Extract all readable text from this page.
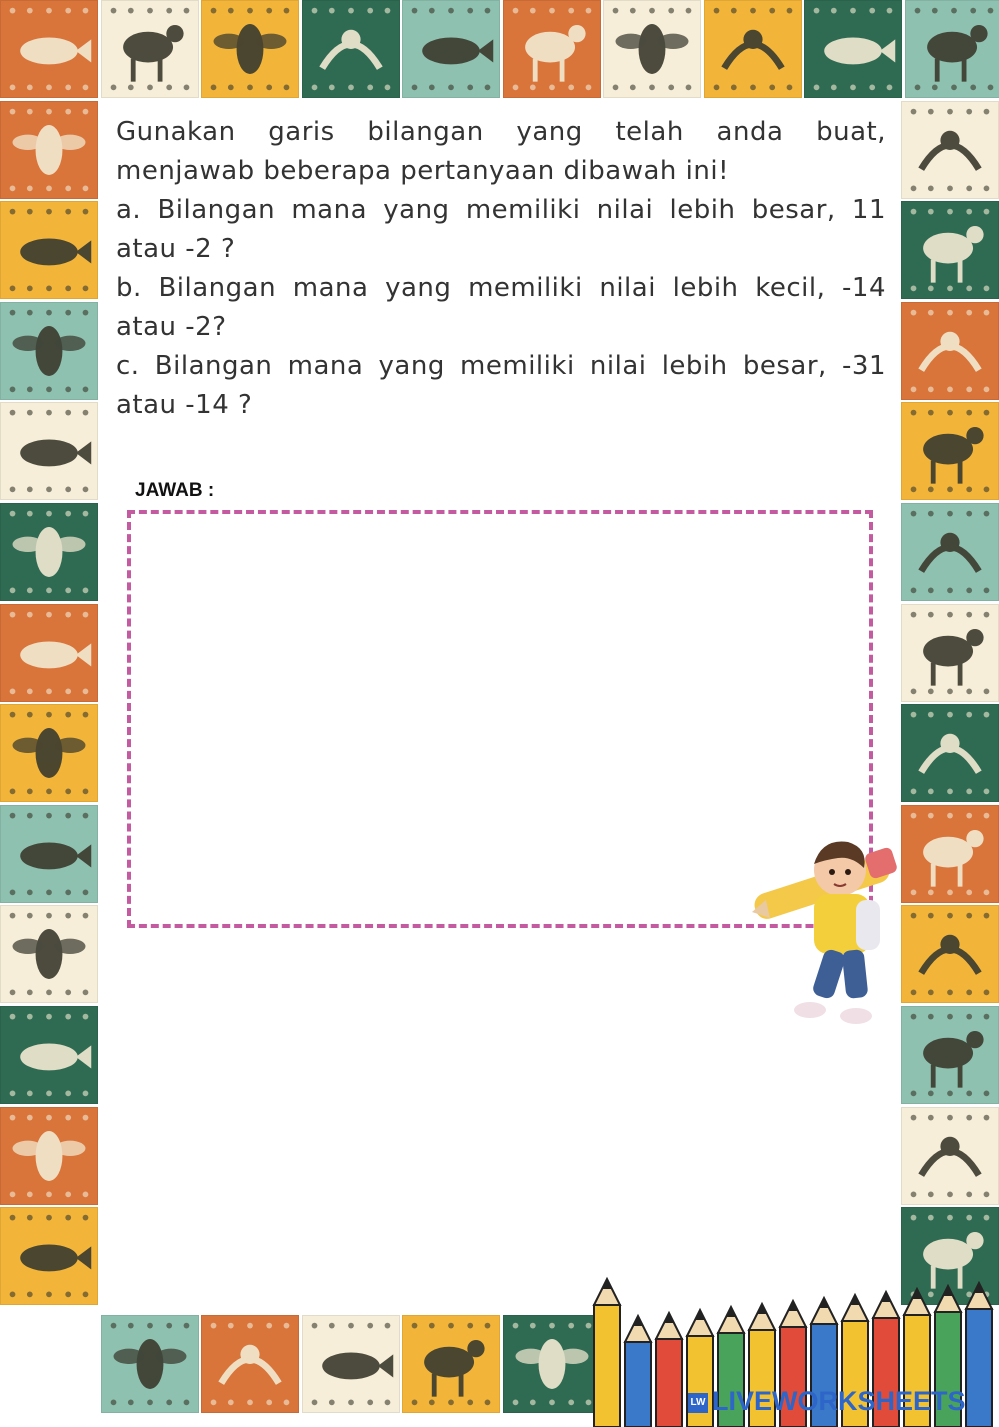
Gunakan garis bilangan yang telah anda buat, menjawab beberapa pertanyaan dibawah ini!

a. Bilangan mana yang memiliki nilai lebih besar, 11 atau -2 ?

b. Bilangan mana yang memiliki nilai lebih kecil, -14 atau -2?

c. Bilangan mana yang memiliki nilai lebih besar, -31 atau -14 ?

JAWAB :
LW LIVEWORKSHEETS
